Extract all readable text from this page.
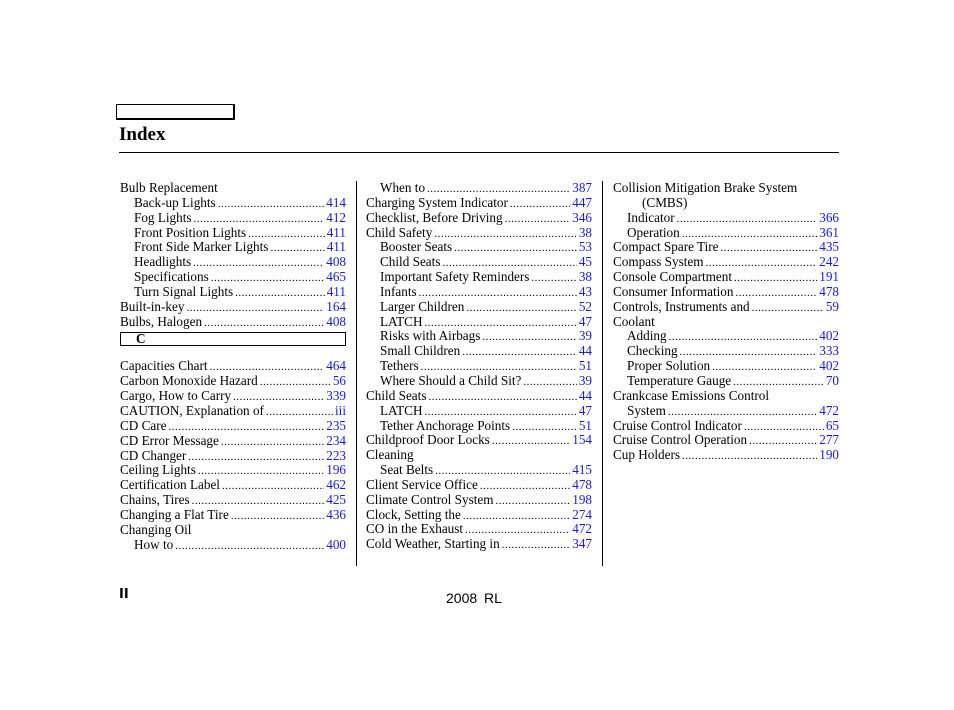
Index
Bulb Replacement
Back-up Lights .....	414
Fog Lights .....	412
Front Position Lights .....	411
Front Side Marker Lights .....	411
Headlights .....	408
Specifications .....	465
Turn Signal Lights .....	411
Built-in-key .....	164
Bulbs, Halogen .....	408
C
Capacities Chart .....	464
Carbon Monoxide Hazard .....	56
Cargo, How to Carry .....	339
CAUTION, Explanation of .....	iii
CD Care .....	235
CD Error Message .....	234
CD Changer .....	223
Ceiling Lights .....	196
Certification Label .....	462
Chains, Tires .....	425
Changing a Flat Tire .....	436
Changing Oil
How to .....	400
When to .....	387
Charging System Indicator .....	447
Checklist, Before Driving .....	346
Child Safety .....	38
Booster Seats .....	53
Child Seats .....	45
Important Safety Reminders .....	38
Infants .....	43
Larger Children .....	52
LATCH .....	47
Risks with Airbags .....	39
Small Children .....	44
Tethers .....	51
Where Should a Child Sit? .....	39
Child Seats .....	44
LATCH .....	47
Tether Anchorage Points .....	51
Childproof Door Locks .....	154
Cleaning
Seat Belts .....	415
Client Service Office .....	478
Climate Control System .....	198
Clock, Setting the .....	274
CO in the Exhaust .....	472
Cold Weather, Starting in .....	347
Collision Mitigation Brake System
(CMBS)
Indicator .....	366
Operation .....	361
Compact Spare Tire .....	435
Compass System .....	242
Console Compartment .....	191
Consumer Information .....	478
Controls, Instruments and .....	59
Coolant
Adding .....	402
Checking .....	333
Proper Solution .....	402
Temperature Gauge .....	70
Crankcase Emissions Control
System .....	472
Cruise Control Indicator .....	65
Cruise Control Operation .....	277
Cup Holders .....	190
II	2008 RL
